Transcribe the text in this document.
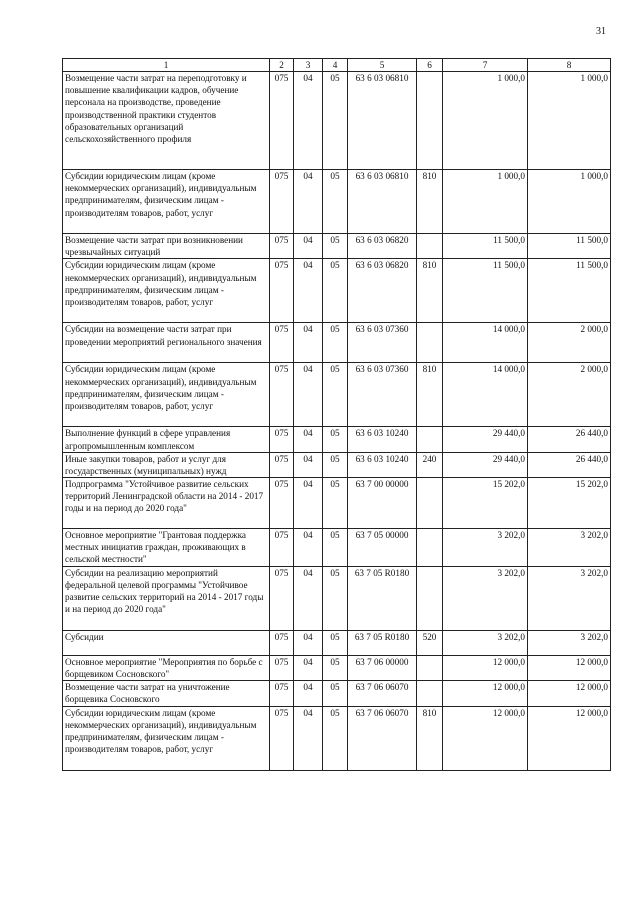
31
1	2	3	4	5	6	7	8
Возмещение части затрат на переподготовку и повышение квалификации кадров, обучение персонала на производстве, проведение производственной практики студентов образовательных организаций сельскохозяйственного профиля	075	04	05	63 6 03 06810		1 000,0	1 000,0
Субсидии юридическим лицам (кроме некоммерческих организаций), индивидуальным предпринимателям, физическим лицам - производителям товаров, работ, услуг	075	04	05	63 6 03 06810	810	1 000,0	1 000,0
Возмещение части затрат при возникновении чрезвычайных ситуаций	075	04	05	63 6 03 06820		11 500,0	11 500,0
Субсидии юридическим лицам (кроме некоммерческих организаций), индивидуальным предпринимателям, физическим лицам - производителям товаров, работ, услуг	075	04	05	63 6 03 06820	810	11 500,0	11 500,0
Субсидии на возмещение части затрат при проведении мероприятий регионального значения	075	04	05	63 6 03 07360		14 000,0	2 000,0
Субсидии юридическим лицам (кроме некоммерческих организаций), индивидуальным предпринимателям, физическим лицам - производителям товаров, работ, услуг	075	04	05	63 6 03 07360	810	14 000,0	2 000,0
Выполнение функций в сфере управления агропромышленным комплексом	075	04	05	63 6 03 10240		29 440,0	26 440,0
Иные закупки товаров, работ и услуг для государственных (муниципальных) нужд	075	04	05	63 6 03 10240	240	29 440,0	26 440,0
Подпрограмма "Устойчивое развитие сельских территорий Ленинградской области на 2014 - 2017 годы и на период до 2020 года"	075	04	05	63 7 00 00000		15 202,0	15 202,0
Основное мероприятие "Грантовая поддержка местных инициатив граждан, проживающих в сельской местности"	075	04	05	63 7 05 00000		3 202,0	3 202,0
Субсидии на реализацию мероприятий федеральной целевой программы "Устойчивое развитие сельских территорий на 2014 - 2017 годы и на период до 2020 года"	075	04	05	63 7 05 R0180		3 202,0	3 202,0
Субсидии	075	04	05	63 7 05 R0180	520	3 202,0	3 202,0
Основное мероприятие "Мероприятия по борьбе с борщевиком Сосновского"	075	04	05	63 7 06 00000		12 000,0	12 000,0
Возмещение части затрат на уничтожение борщевика Сосновского	075	04	05	63 7 06 06070		12 000,0	12 000,0
Субсидии юридическим лицам (кроме некоммерческих организаций), индивидуальным предпринимателям, физическим лицам - производителям товаров, работ, услуг	075	04	05	63 7 06 06070	810	12 000,0	12 000,0
